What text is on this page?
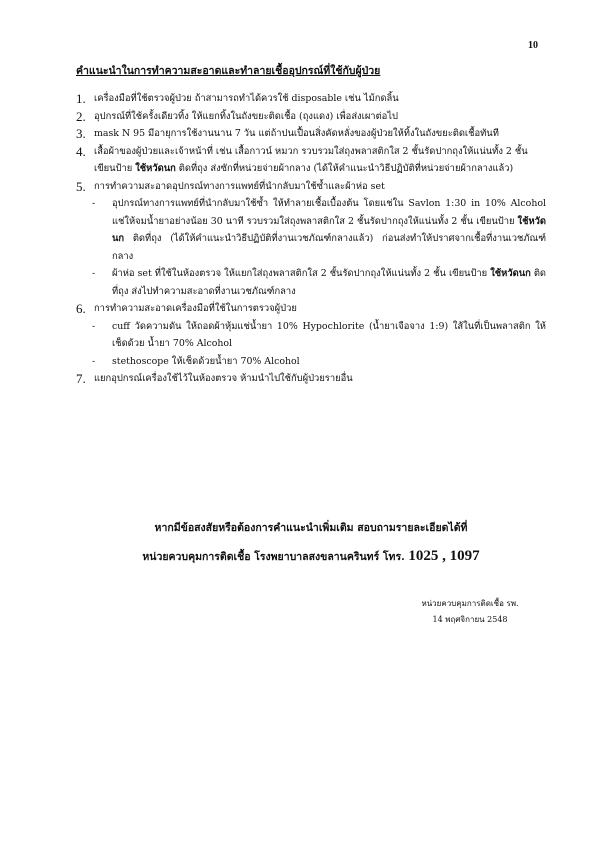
10
คำแนะนำในการทำความสะอาดและทำลายเชื้ออุปกรณ์ที่ใช้กับผู้ป่วย
1. เครื่องมือที่ใช้ตรวจผู้ป่วย ถ้าสามารถทำได้ควรใช้ disposable เช่น ไม้กดลิ้น
2. อุปกรณ์ที่ใช้ครั้งเดียวทิ้ง ให้แยกทิ้งในถังขยะติดเชื้อ (ถุงแดง) เพื่อส่งเผาต่อไป
3. mask N 95 มีอายุการใช้งานนาน 7 วัน แต่ถ้าปนเปื้อนสิ่งคัดหลั่งของผู้ป่วยให้ทิ้งในถังขยะติดเชื้อทันที
4. เสื้อผ้าของผู้ป่วยและเจ้าหน้าที่ เช่น เสื้อกาวน์ หมวก รวบรวมใส่ถุงพลาสติกใส 2 ชั้นรัดปากถุงให้แน่นทั้ง 2 ชั้น เขียนป้าย ใช้หวัดนก ติดที่ถุง ส่งซักที่หน่วยจ่ายผ้ากลาง (ได้ให้คำแนะนำวิธีปฏิบัติที่หน่วยจ่ายผ้ากลางแล้ว)
5. การทำความสะอาดอุปกรณ์ทางการแพทย์ที่นำกลับมาใช้ซ้ำและผ้าห่อ set
- อุปกรณ์ทางการแพทย์ที่นำกลับมาใช้ซ้ำ ให้ทำลายเชื้อเบื้องต้น โดยแช่ใน Savlon 1:30 in 10% Alcohol แช่ให้จมน้ำยาอย่างน้อย 30 นาที รวบรวมใส่ถุงพลาสติกใส 2 ชั้นรัดปากถุงให้แน่นทั้ง 2 ชั้น เขียนป้าย ใช้หวัดนก ติดที่ถุง (ได้ให้คำแนะนำวิธีปฏิบัติที่งานเวชภัณฑ์กลางแล้ว) ก่อนส่งทำให้ปราศจากเชื้อที่งานเวชภัณฑ์กลาง
- ผ้าห่อ set ที่ใช้ในห้องตรวจ ให้แยกใส่ถุงพลาสติกใส 2 ชั้นรัดปากถุงให้แน่นทั้ง 2 ชั้น เขียนป้าย ใช้หวัดนก ติดที่ถุง ส่งไปทำความสะอาดที่งานเวชภัณฑ์กลาง
6. การทำความสะอาดเครื่องมือที่ใช้ในการตรวจผู้ป่วย
- cuff วัดความดัน ให้ถอดผ้าหุ้มแช่น้ำยา 10% Hypochlorite (น้ำยาเจือจาง 1:9) ใส้ในที่เป็นพลาสติก ให้เช็ดด้วย น้ำยา 70% Alcohol
- stethoscope ให้เช็ดด้วยน้ำยา 70% Alcohol
7. แยกอุปกรณ์เครื่องใช้ไว้ในห้องตรวจ ห้ามนำไปใช้กับผู้ป่วยรายอื่น
หากมีข้อสงสัยหรือต้องการคำแนะนำเพิ่มเติม สอบถามรายละเอียดได้ที่
หน่วยควบคุมการติดเชื้อ โรงพยาบาลสงขลานครินทร์ โทร. 1025 , 1097
หน่วยควบคุมการติดเชื้อ รพ.
14 พฤศจิกายน 2548
